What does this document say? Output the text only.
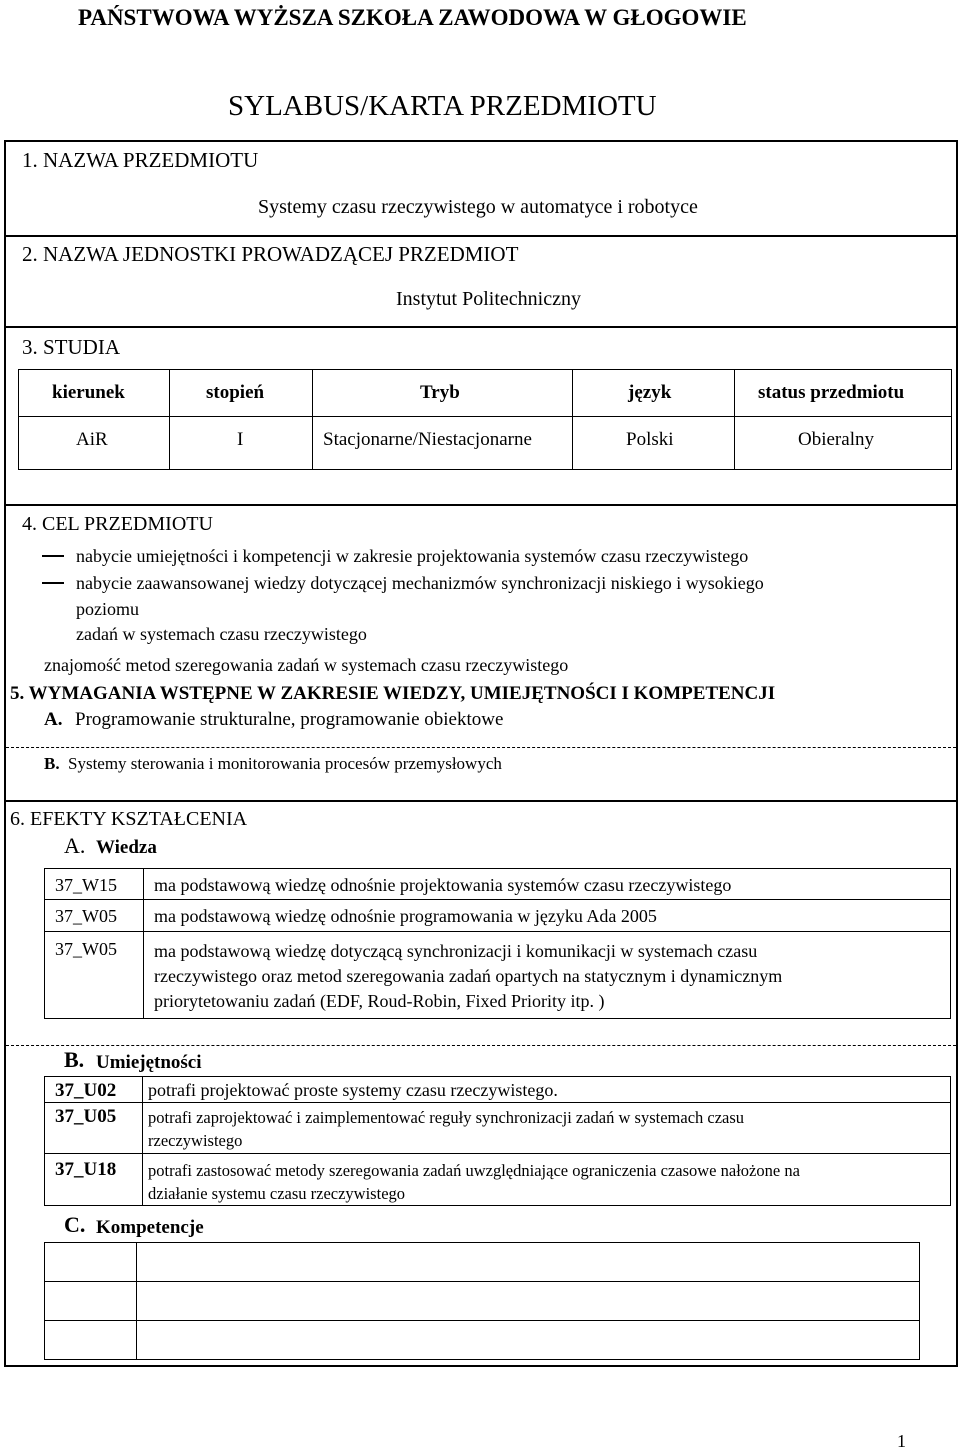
PAŃSTWOWA WYŻSZA SZKOŁA ZAWODOWA W GŁOGOWIE
SYLABUS/KARTA PRZEDMIOTU
1. NAZWA PRZEDMIOTU
Systemy czasu rzeczywistego w automatyce i robotyce
2. NAZWA JEDNOSTKI PROWADZĄCEJ PRZEDMIOT
Instytut Politechniczny
3. STUDIA
kierunek	stopień	Tryb	język	status przedmiotu
AiR	I	Stacjonarne/Niestacjonarne	Polski	Obieralny
4. CEL PRZEDMIOTU
nabycie umiejętności i kompetencji w zakresie projektowania systemów czasu rzeczywistego
nabycie zaawansowanej wiedzy dotyczącej mechanizmów synchronizacji niskiego i wysokiego
poziomu
zadań w systemach czasu rzeczywistego
znajomość metod szeregowania zadań w systemach czasu rzeczywistego
5. WYMAGANIA WSTĘPNE W ZAKRESIE WIEDZY, UMIEJĘTNOŚCI I KOMPETENCJI
A. Programowanie strukturalne, programowanie obiektowe
B. Systemy sterowania i monitorowania procesów przemysłowych
6. EFEKTY KSZTAŁCENIA
A. Wiedza
37_W15	ma podstawową wiedzę odnośnie projektowania systemów czasu rzeczywistego

37_W05	ma podstawową wiedzę odnośnie programowania w języku Ada 2005

37_W05	ma podstawową wiedzę dotyczącą synchronizacji i komunikacji w systemach czasu
rzeczywistego oraz metod szeregowania zadań opartych na statycznym i dynamicznym
priorytetowaniu zadań (EDF, Roud-Robin, Fixed Priority itp. )
B. Umiejętności
37_U02	potrafi projektować proste systemy czasu rzeczywistego.

37_U05	potrafi zaprojektować i zaimplementować reguły synchronizacji zadań w systemach czasu
rzeczywistego

37_U18	potrafi zastosować metody szeregowania zadań uwzględniające ograniczenia czasowe nałożone na
działanie systemu czasu rzeczywistego
C. Kompetencje

1
